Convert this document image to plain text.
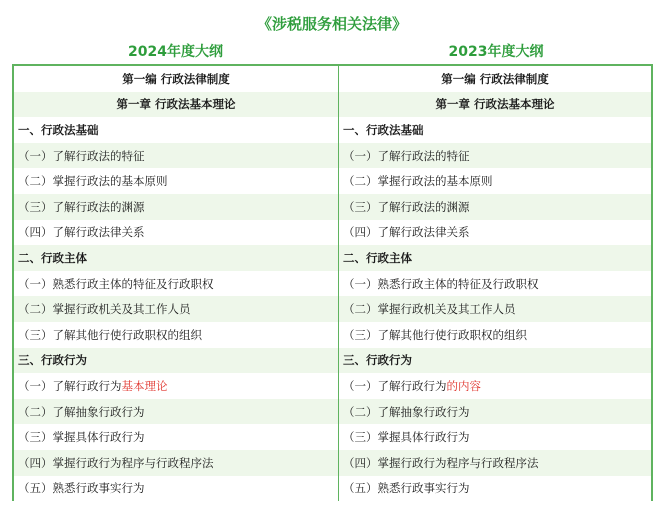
《涉税服务相关法律》
2024年度大纲	2023年度大纲
第一编 行政法律制度	第一编 行政法律制度
第一章 行政法基本理论	第一章 行政法基本理论
一、行政法基础	一、行政法基础
（一）了解行政法的特征	（一）了解行政法的特征
（二）掌握行政法的基本原则	（二）掌握行政法的基本原则
（三）了解行政法的渊源	（三）了解行政法的渊源
（四）了解行政法律关系	（四）了解行政法律关系
二、行政主体	二、行政主体
（一）熟悉行政主体的特征及行政职权	（一）熟悉行政主体的特征及行政职权
（二）掌握行政机关及其工作人员	（二）掌握行政机关及其工作人员
（三）了解其他行使行政职权的组织	（三）了解其他行使行政职权的组织
三、行政行为	三、行政行为
（一）了解行政行为 基本理论	（一）了解行政行为 的内容
（二）了解抽象行政行为	（二）了解抽象行政行为
（三）掌握具体行政行为	（三）掌握具体行政行为
（四）掌握行政行为程序与行政程序法	（四）掌握行政行为程序与行政程序法
（五）熟悉行政事实行为	（五）熟悉行政事实行为
